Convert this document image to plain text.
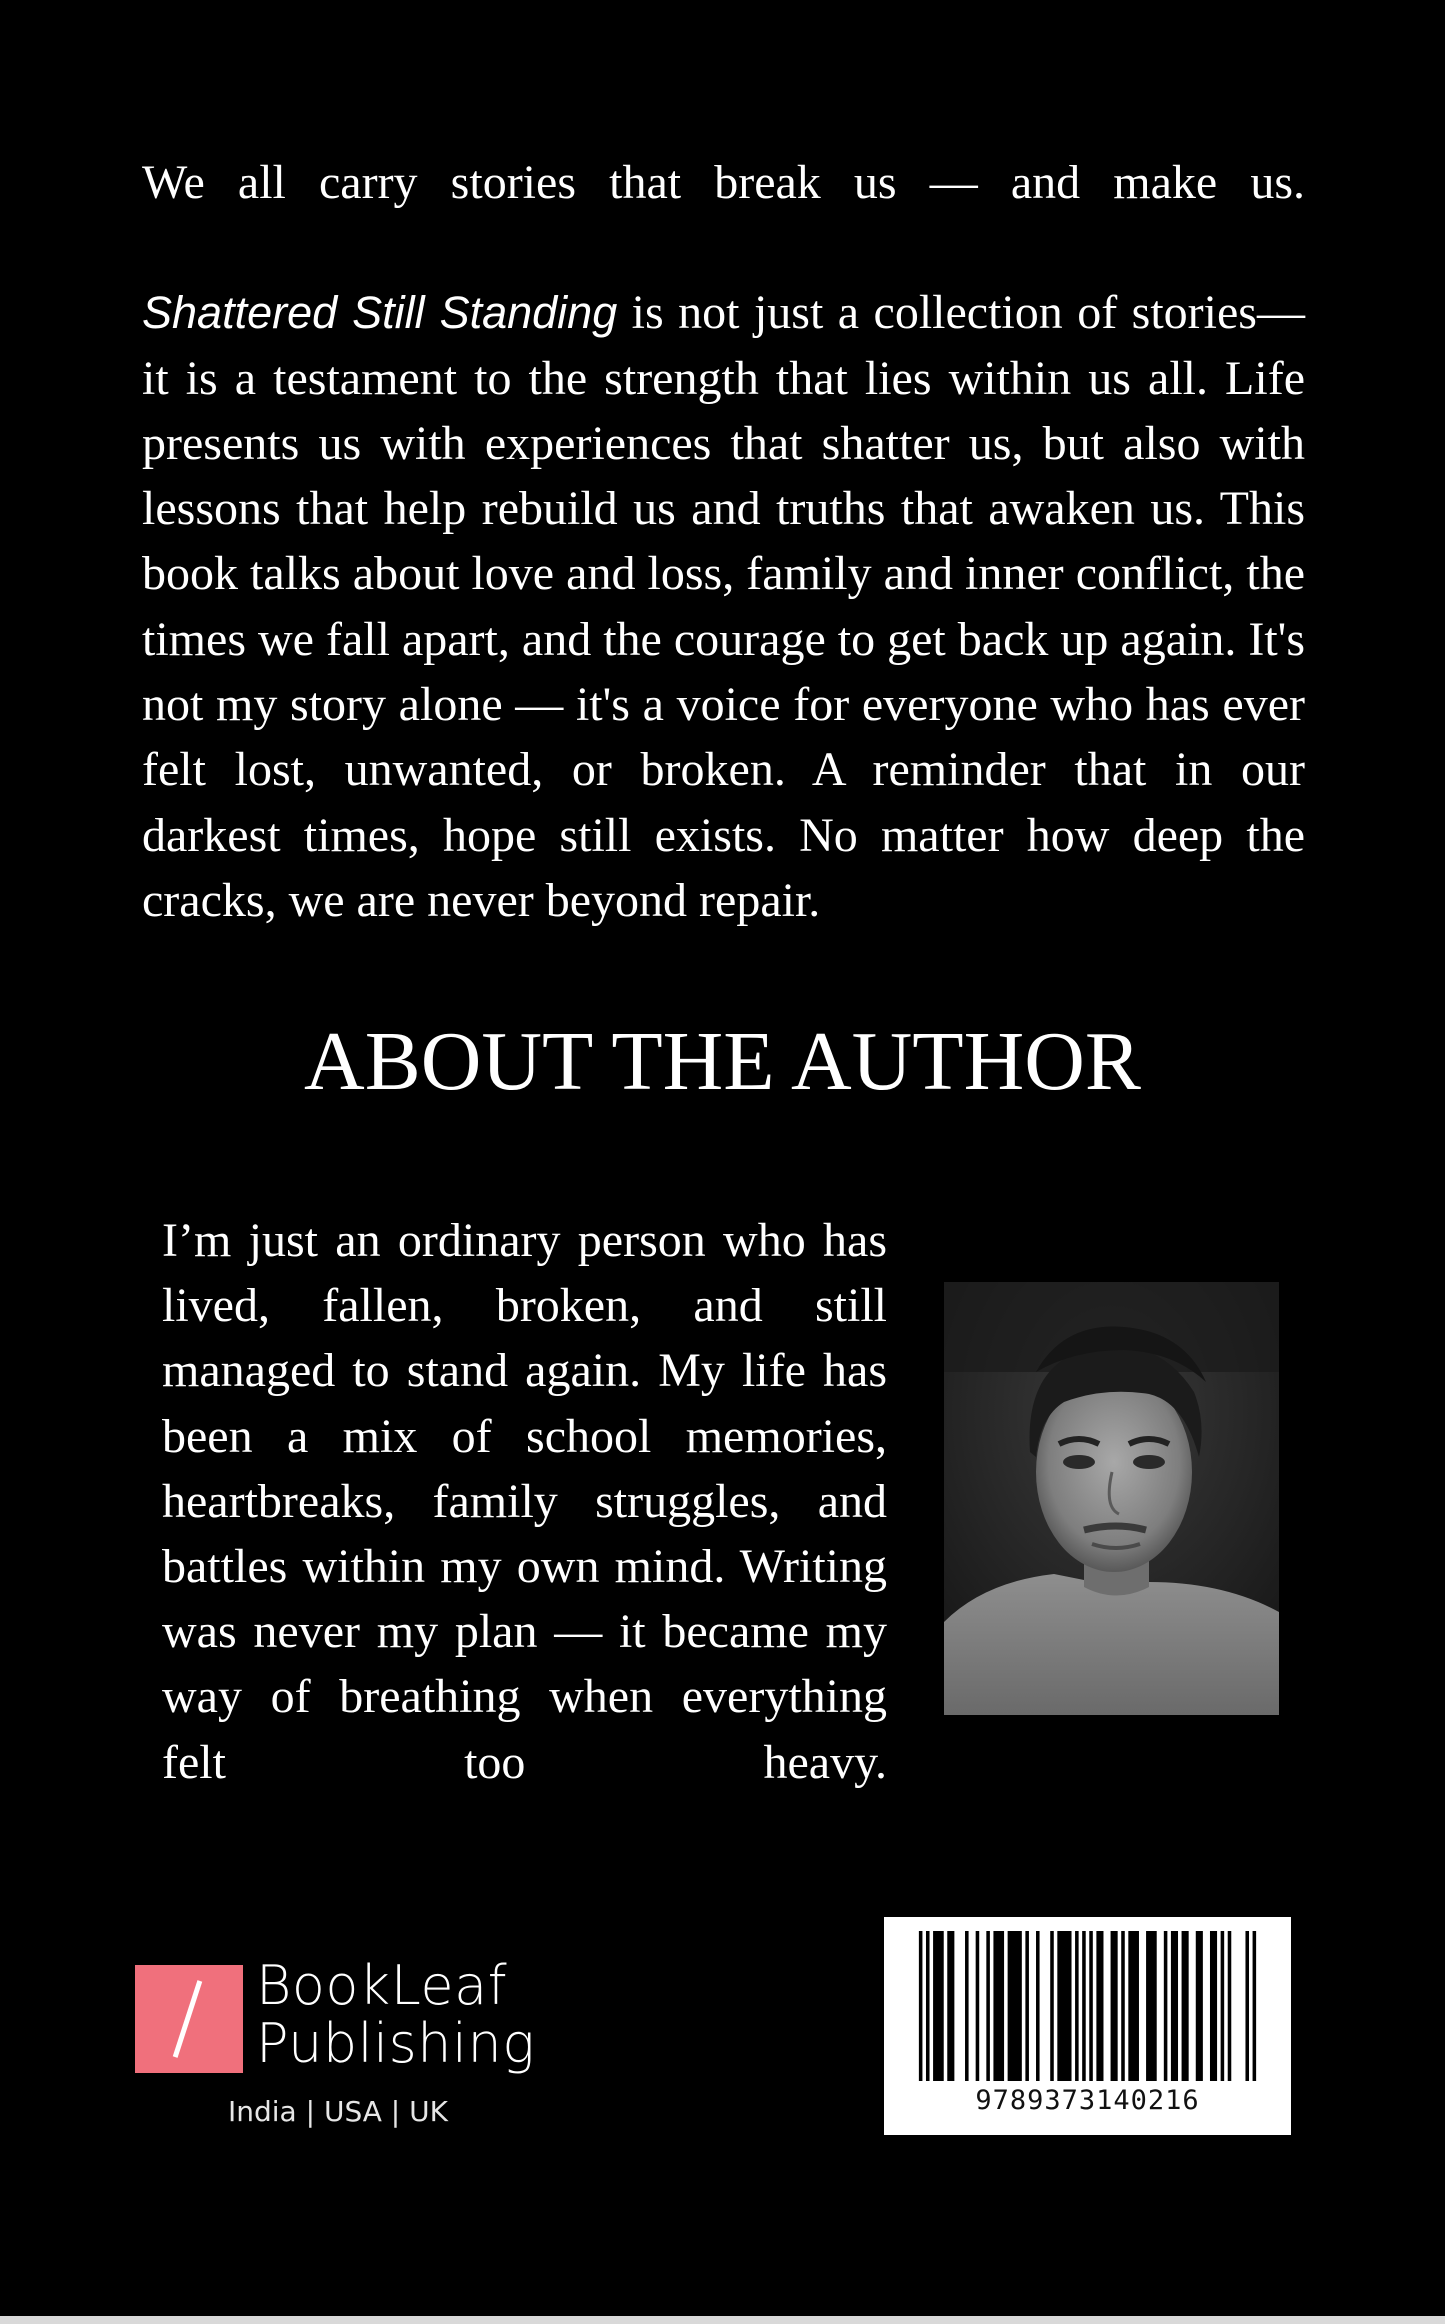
We all carry stories that break us — and make us.

Shattered Still Standing is not just a collection of stories— it is a testament to the strength that lies within us all. Life presents us with experiences that shatter us, but also with lessons that help rebuild us and truths that awaken us. This book talks about love and loss, family and inner conflict, the times we fall apart, and the courage to get back up again. It's not my story alone — it's a voice for everyone who has ever felt lost, unwanted, or broken. A reminder that in our darkest times, hope still exists. No matter how deep the cracks, we are never beyond repair.

ABOUT THE AUTHOR

I’m just an ordinary person who has lived, fallen, broken, and still managed to stand again. My life has been a mix of school memories, heartbreaks, family struggles, and battles within my own mind. Writing was never my plan — it became my way of breathing when everything felt too heavy.

BookLeaf
Publishing
India | USA | UK	9789373140216
